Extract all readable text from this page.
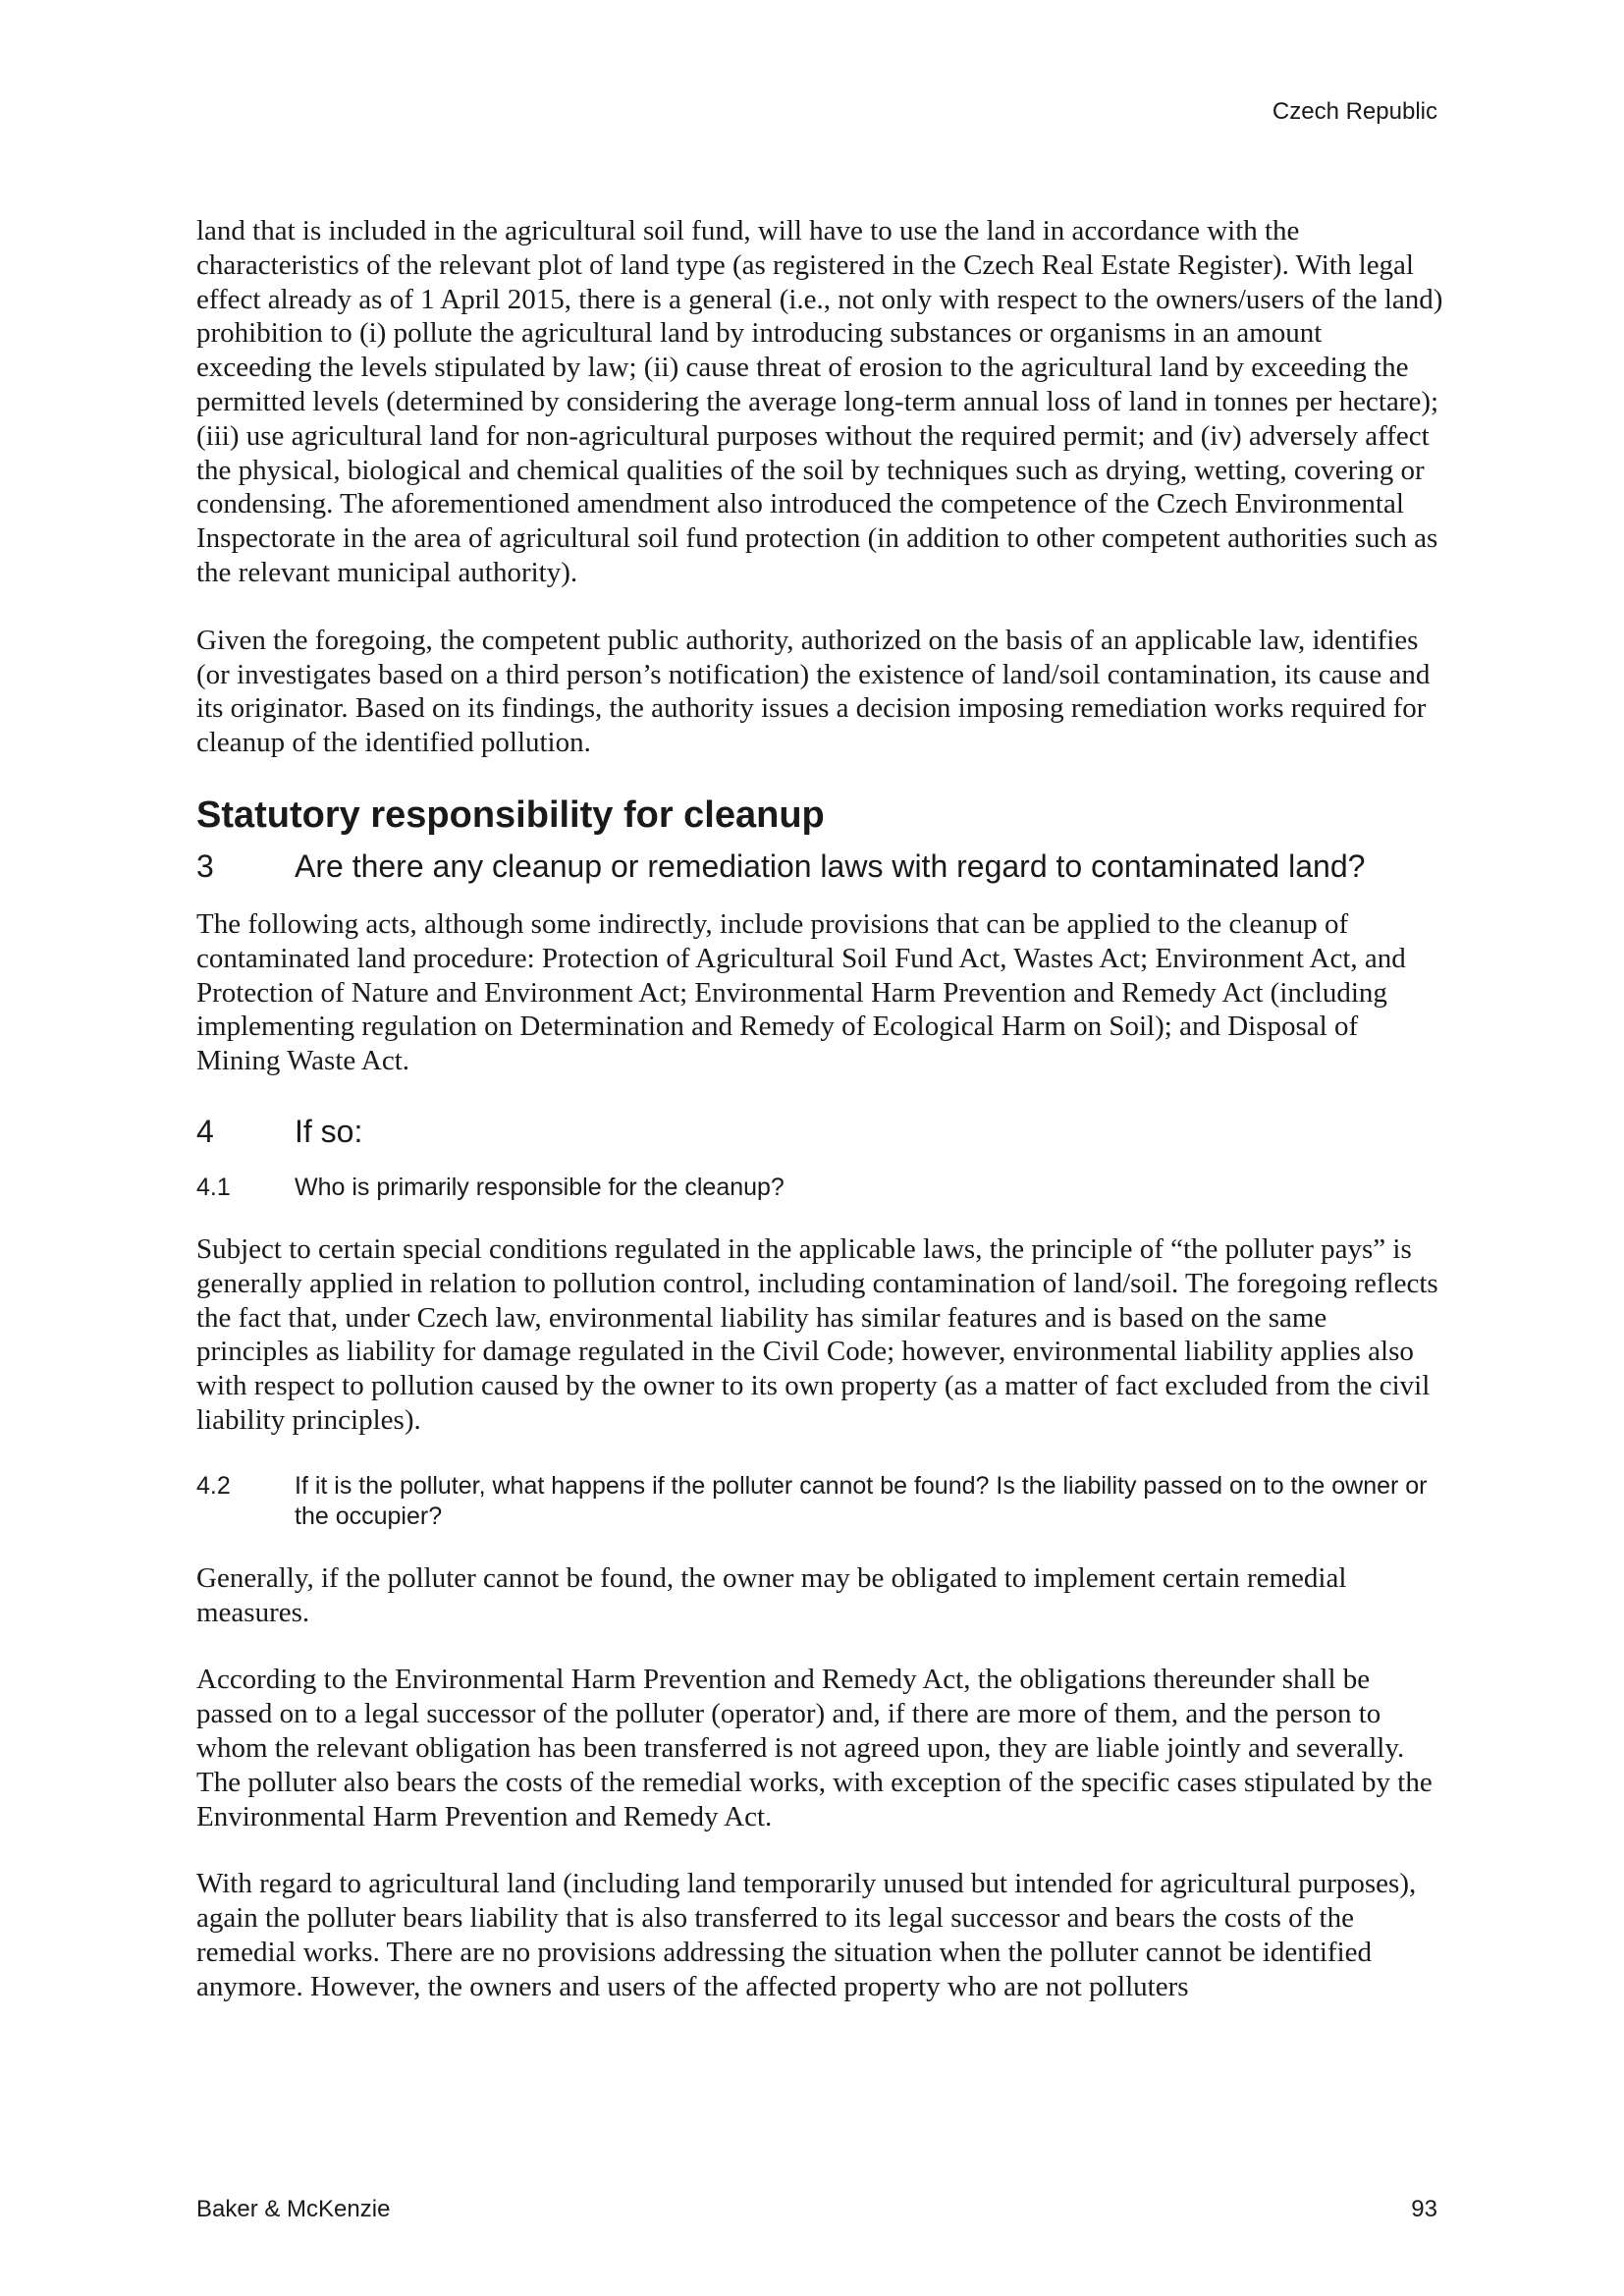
Czech Republic

land that is included in the agricultural soil fund, will have to use the land in accordance with the characteristics of the relevant plot of land type (as registered in the Czech Real Estate Register). With legal effect already as of 1 April 2015, there is a general (i.e., not only with respect to the owners/users of the land) prohibition to (i) pollute the agricultural land by introducing substances or organisms in an amount exceeding the levels stipulated by law; (ii) cause threat of erosion to the agricultural land by exceeding the permitted levels (determined by considering the average long-term annual loss of land in tonnes per hectare); (iii) use agricultural land for non-agricultural purposes without the required permit; and (iv) adversely affect the physical, biological and chemical qualities of the soil by techniques such as drying, wetting, covering or condensing. The aforementioned amendment also introduced the competence of the Czech Environmental Inspectorate in the area of agricultural soil fund protection (in addition to other competent authorities such as the relevant municipal authority).

Given the foregoing, the competent public authority, authorized on the basis of an applicable law, identifies (or investigates based on a third person’s notification) the existence of land/soil contamination, its cause and its originator. Based on its findings, the authority issues a decision imposing remediation works required for cleanup of the identified pollution.

Statutory responsibility for cleanup
3	Are there any cleanup or remediation laws with regard to contaminated land?

The following acts, although some indirectly, include provisions that can be applied to the cleanup of contaminated land procedure: Protection of Agricultural Soil Fund Act, Wastes Act; Environment Act, and Protection of Nature and Environment Act; Environmental Harm Prevention and Remedy Act (including implementing regulation on Determination and Remedy of Ecological Harm on Soil); and Disposal of Mining Waste Act.

4	If so:
4.1	Who is primarily responsible for the cleanup?

Subject to certain special conditions regulated in the applicable laws, the principle of “the polluter pays” is generally applied in relation to pollution control, including contamination of land/soil. The foregoing reflects the fact that, under Czech law, environmental liability has similar features and is based on the same principles as liability for damage regulated in the Civil Code; however, environmental liability applies also with respect to pollution caused by the owner to its own property (as a matter of fact excluded from the civil liability principles).

4.2	If it is the polluter, what happens if the polluter cannot be found? Is the liability passed on to the owner or the occupier?

Generally, if the polluter cannot be found, the owner may be obligated to implement certain remedial measures.

According to the Environmental Harm Prevention and Remedy Act, the obligations thereunder shall be passed on to a legal successor of the polluter (operator) and, if there are more of them, and the person to whom the relevant obligation has been transferred is not agreed upon, they are liable jointly and severally. The polluter also bears the costs of the remedial works, with exception of the specific cases stipulated by the Environmental Harm Prevention and Remedy Act.

With regard to agricultural land (including land temporarily unused but intended for agricultural purposes), again the polluter bears liability that is also transferred to its legal successor and bears the costs of the remedial works. There are no provisions addressing the situation when the polluter cannot be identified anymore. However, the owners and users of the affected property who are not polluters

Baker & McKenzie	93
